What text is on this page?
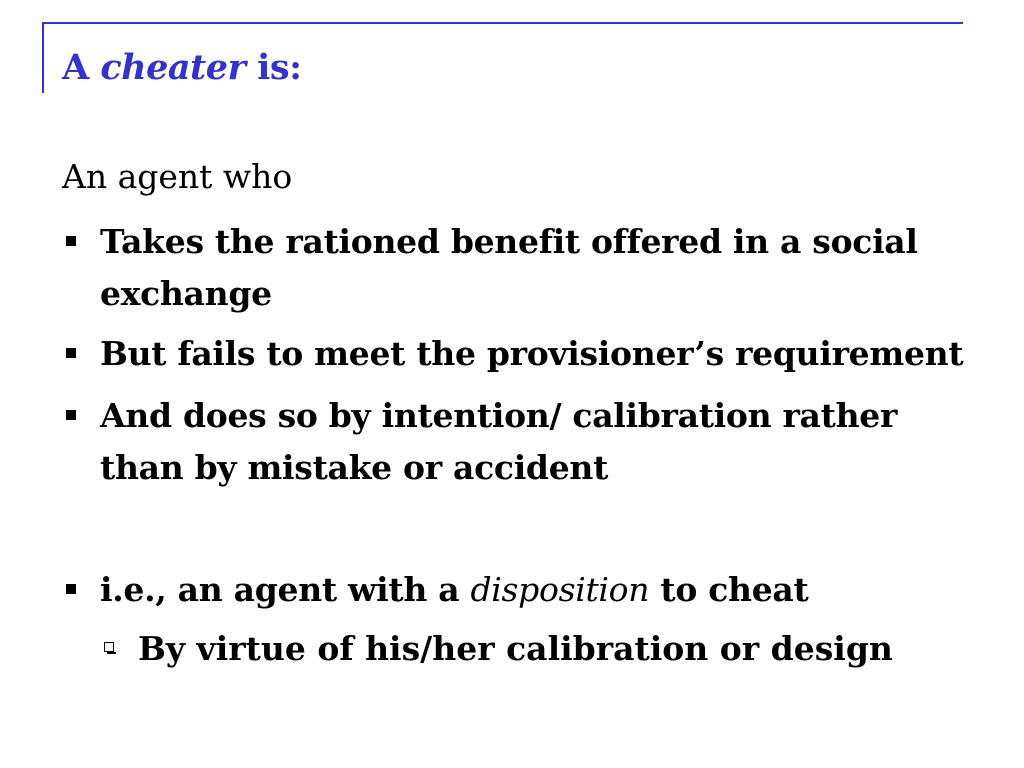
A cheater is:
An agent who
Takes the rationed benefit offered in a social exchange
But fails to meet the provisioner’s requirement
And does so by intention/ calibration rather than by mistake or accident
i.e., an agent with a disposition to cheat
By virtue of his/her calibration or design
